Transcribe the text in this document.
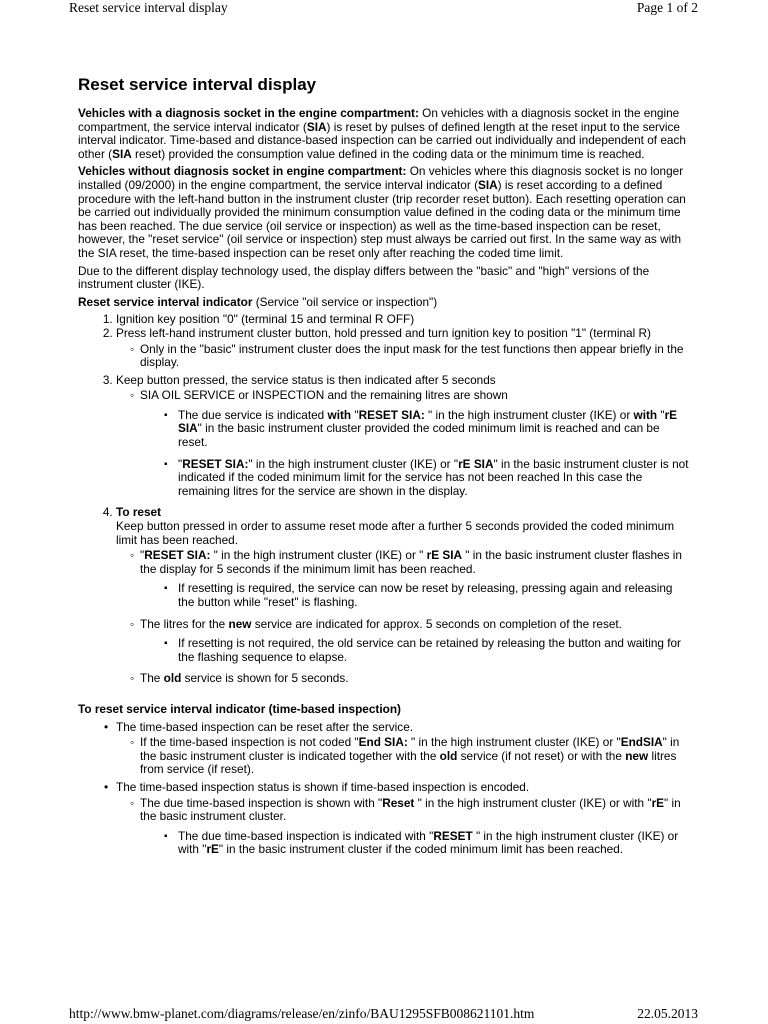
Reset service interval display	Page 1 of 2
Reset service interval display

Vehicles with a diagnosis socket in the engine compartment: On vehicles with a diagnosis socket in the engine compartment, the service interval indicator (SIA) is reset by pulses of defined length at the reset input to the service interval indicator. Time-based and distance-based inspection can be carried out individually and independent of each other (SIA reset) provided the consumption value defined in the coding data or the minimum time is reached.

Vehicles without diagnosis socket in engine compartment: On vehicles where this diagnosis socket is no longer installed (09/2000) in the engine compartment, the service interval indicator (SIA) is reset according to a defined procedure with the left-hand button in the instrument cluster (trip recorder reset button). Each resetting operation can be carried out individually provided the minimum consumption value defined in the coding data or the minimum time has been reached. The due service (oil service or inspection) as well as the time-based inspection can be reset, however, the "reset service" (oil service or inspection) step must always be carried out first. In the same way as with the SIA reset, the time-based inspection can be reset only after reaching the coded time limit.

Due to the different display technology used, the display differs between the "basic" and "high" versions of the instrument cluster (IKE).

Reset service interval indicator (Service "oil service or inspection")

1. Ignition key position "0" (terminal 15 and terminal R OFF)
2. Press left-hand instrument cluster button, hold pressed and turn ignition key to position "1" (terminal R)
◦ Only in the "basic" instrument cluster does the input mask for the test functions then appear briefly in the display.
3. Keep button pressed, the service status is then indicated after 5 seconds
◦ SIA OIL SERVICE or INSPECTION and the remaining litres are shown
▪ The due service is indicated with "RESET SIA: " in the high instrument cluster (IKE) or with "rE SIA" in the basic instrument cluster provided the coded minimum limit is reached and can be reset.
▪ "RESET SIA:" in the high instrument cluster (IKE) or "rE SIA" in the basic instrument cluster is not indicated if the coded minimum limit for the service has not been reached In this case the remaining litres for the service are shown in the display.
4. To reset
Keep button pressed in order to assume reset mode after a further 5 seconds provided the coded minimum limit has been reached.
◦ "RESET SIA: " in the high instrument cluster (IKE) or " rE SIA " in the basic instrument cluster flashes in the display for 5 seconds if the minimum limit has been reached.
▪ If resetting is required, the service can now be reset by releasing, pressing again and releasing the button while "reset" is flashing.
◦ The litres for the new service are indicated for approx. 5 seconds on completion of the reset.
▪ If resetting is not required, the old service can be retained by releasing the button and waiting for the flashing sequence to elapse.
◦ The old service is shown for 5 seconds.

To reset service interval indicator (time-based inspection)

• The time-based inspection can be reset after the service.
◦ If the time-based inspection is not coded "End SIA: " in the high instrument cluster (IKE) or "EndSIA" in the basic instrument cluster is indicated together with the old service (if not reset) or with the new litres from service (if reset).
• The time-based inspection status is shown if time-based inspection is encoded.
◦ The due time-based inspection is shown with "Reset " in the high instrument cluster (IKE) or with "rE" in the basic instrument cluster.
▪ The due time-based inspection is indicated with "RESET " in the high instrument cluster (IKE) or with "rE" in the basic instrument cluster if the coded minimum limit has been reached.
http://www.bmw-planet.com/diagrams/release/en/zinfo/BAU1295SFB008621101.htm	22.05.2013
